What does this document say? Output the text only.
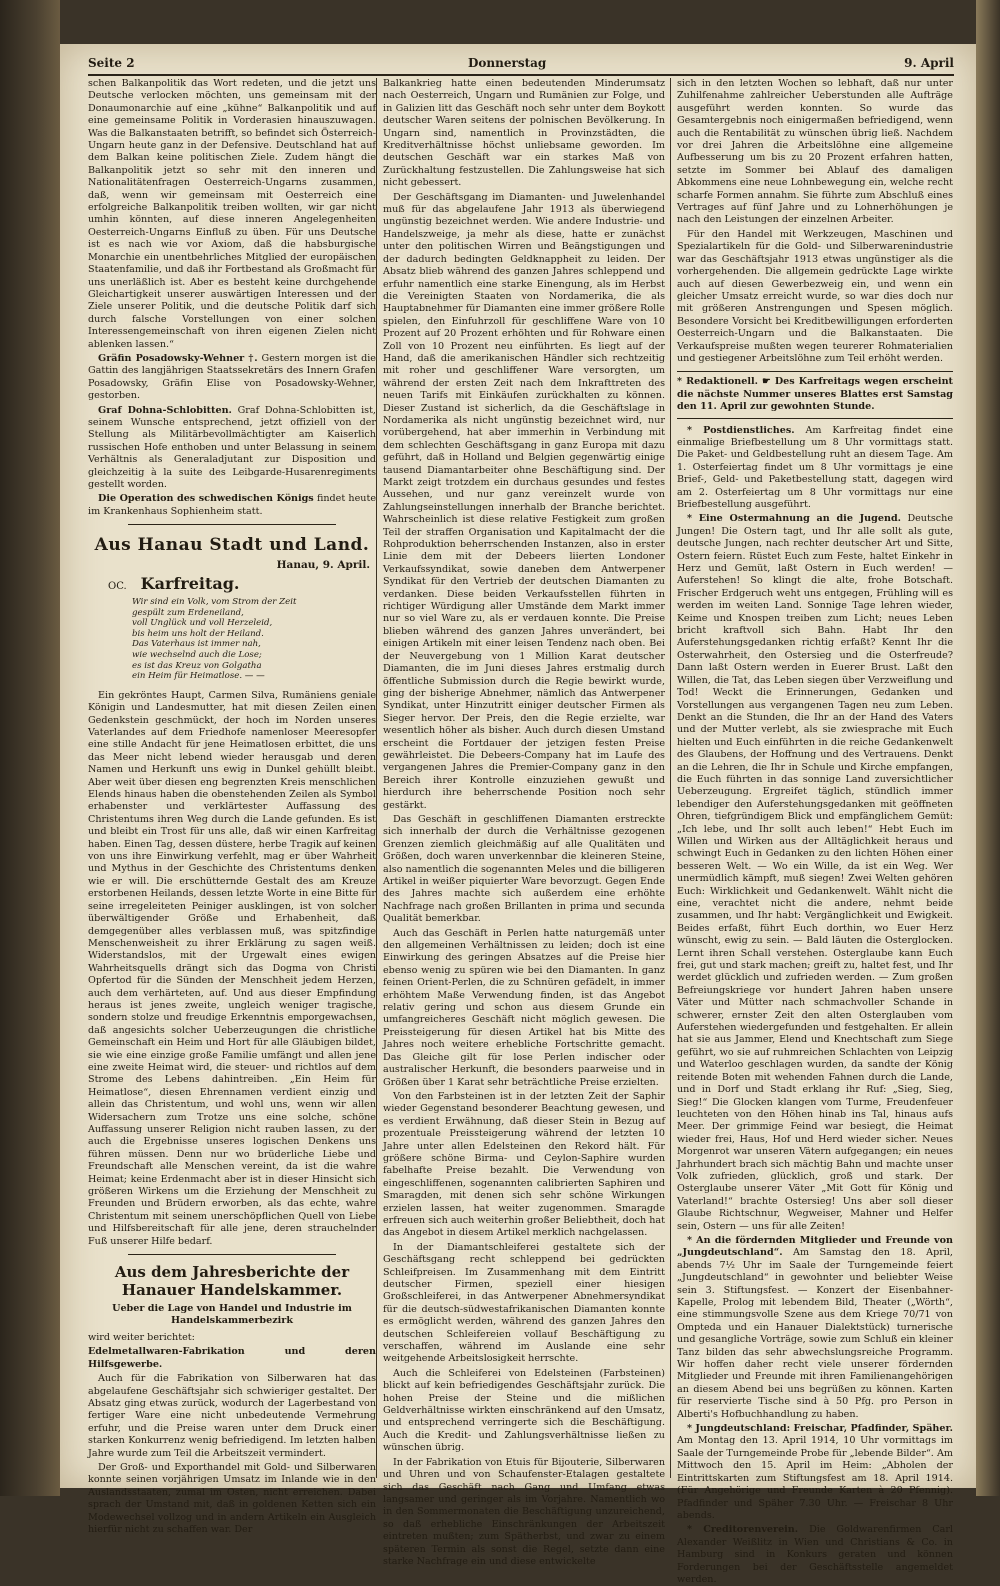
Seite 2	Donnerstag	9. April

schen Balkanpolitik das Wort redeten, und die jetzt uns Deutsche verlocken möchten, uns gemeinsam mit der Donaumonarchie auf eine „kühne“ Balkanpolitik und auf eine gemeinsame Politik in Vorderasien hinauszuwagen. Was die Balkanstaaten betrifft, so befindet sich Österreich-Ungarn heute ganz in der Defensive. Deutschland hat auf dem Balkan keine politischen Ziele. Zudem hängt die Balkanpolitik jetzt so sehr mit den inneren und Nationalitätenfragen Oesterreich-Ungarns zusammen, daß, wenn wir gemeinsam mit Oesterreich eine erfolgreiche Balkanpolitik treiben wollten, wir gar nicht umhin könnten, auf diese inneren Angelegenheiten Oesterreich-Ungarns Einfluß zu üben. Für uns Deutsche ist es nach wie vor Axiom, daß die habsburgische Monarchie ein unentbehrliches Mitglied der europäischen Staatenfamilie, und daß ihr Fortbestand als Großmacht für uns unerläßlich ist. Aber es besteht keine durchgehende Gleichartigkeit unserer auswärtigen Interessen und der Ziele unserer Politik, und die deutsche Politik darf sich durch falsche Vorstellungen von einer solchen Interessengemeinschaft von ihren eigenen Zielen nicht ablenken lassen.“

Gräfin Posadowsky-Wehner †. Gestern morgen ist die Gattin des langjährigen Staatssekretärs des Innern Grafen Posadowsky, Gräfin Elise von Posadowsky-Wehner, gestorben.

Graf Dohna-Schlobitten. Graf Dohna-Schlobitten ist, seinem Wunsche entsprechend, jetzt offiziell von der Stellung als Militärbevollmächtigter am Kaiserlich russischen Hofe enthoben und unter Belassung in seinem Verhältnis als Generaladjutant zur Disposition und gleichzeitig à la suite des Leibgarde-Husarenregiments gestellt worden.

Die Operation des schwedischen Königs findet heute im Krankenhaus Sophienheim statt.

Aus Hanau Stadt und Land.
Hanau, 9. April.
OC. Karfreitag.
Wir sind ein Volk, vom Strom der Zeit
gespült zum Erdeneiland,
voll Unglück und voll Herzeleid,
bis heim uns holt der Heiland.
Das Vaterhaus ist immer nah,
wie wechselnd auch die Lose;
es ist das Kreuz von Golgatha
ein Heim für Heimatlose. — —

Ein gekröntes Haupt, Carmen Silva, Rumäniens geniale Königin und Landesmutter, hat mit diesen Zeilen einen Gedenkstein geschmückt, der hoch im Norden unseres Vaterlandes auf dem Friedhofe namenloser Meeresopfer eine stille Andacht für jene Heimatlosen erbittet, die uns das Meer nicht lebend wieder herausgab und deren Namen und Herkunft uns ewig in Dunkel gehüllt bleibt. Aber weit über diesen eng begrenzten Kreis menschlichen Elends hinaus haben die obenstehenden Zeilen als Symbol erhabenster und verklärtester Auffassung des Christentums ihren Weg durch die Lande gefunden. Es ist und bleibt ein Trost für uns alle, daß wir einen Karfreitag haben. Einen Tag, dessen düstere, herbe Tragik auf keinen von uns ihre Einwirkung verfehlt, mag er über Wahrheit und Mythus in der Geschichte des Christentums denken wie er will. Die erschütternde Gestalt des am Kreuze erstorbenen Heilands, dessen letzte Worte in eine Bitte für seine irregeleiteten Peiniger ausklingen, ist von solcher überwältigender Größe und Erhabenheit, daß demgegenüber alles verblassen muß, was spitzfindige Menschenweisheit zu ihrer Erklärung zu sagen weiß. Widerstandslos, mit der Urgewalt eines ewigen Wahrheitsquells drängt sich das Dogma von Christi Opfertod für die Sünden der Menschheit jedem Herzen, auch dem verhärteten, auf. Und aus dieser Empfindung heraus ist jenes zweite, ungleich weniger tragische, sondern stolze und freudige Erkenntnis emporgewachsen, daß angesichts solcher Ueberzeugungen die christliche Gemeinschaft ein Heim und Hort für alle Gläubigen bildet, sie wie eine einzige große Familie umfängt und allen jene eine zweite Heimat wird, die steuer- und richtlos auf dem Strome des Lebens dahintreiben. „Ein Heim für Heimatlose“, diesen Ehrennamen verdient einzig und allein das Christentum, und wohl uns, wenn wir allen Widersachern zum Trotze uns eine solche, schöne Auffassung unserer Religion nicht rauben lassen, zu der auch die Ergebnisse unseres logischen Denkens uns führen müssen. Denn nur wo brüderliche Liebe und Freundschaft alle Menschen vereint, da ist die wahre Heimat; keine Erdenmacht aber ist in dieser Hinsicht sich größeren Wirkens um die Erziehung der Menschheit zu Freunden und Brüdern erworben, als das echte, wahre Christentum mit seinem unerschöpflichen Quell von Liebe und Hilfsbereitschaft für alle jene, deren strauchelnder Fuß unserer Hilfe bedarf.

Aus dem Jahresberichte der Hanauer Handelskammer.
Ueber die Lage von Handel und Industrie im Handelskammerbezirk

wird weiter berichtet:

Edelmetallwaren-Fabrikation und deren Hilfsgewerbe.

Auch für die Fabrikation von Silberwaren hat das abgelaufene Geschäftsjahr sich schwieriger gestaltet. Der Absatz ging etwas zurück, wodurch der Lagerbestand von fertiger Ware eine nicht unbedeutende Vermehrung erfuhr, und die Preise waren unter dem Druck einer starken Konkurrenz wenig befriedigend. Im letzten halben Jahre wurde zum Teil die Arbeitszeit vermindert.

Der Groß- und Exporthandel mit Gold- und Silberwaren konnte seinen vorjährigen Umsatz im Inlande wie in den Auslandsstaaten, zumal im Osten, nicht erreichen. Dabei sprach der Umstand mit, daß in goldenen Ketten sich ein Modewechsel vollzog und in andern Artikeln ein Ausgleich hierfür nicht zu schaffen war. Der

Balkankrieg hatte einen bedeutenden Minderumsatz nach Oesterreich, Ungarn und Rumänien zur Folge, und in Galizien litt das Geschäft noch sehr unter dem Boykott deutscher Waren seitens der polnischen Bevölkerung. In Ungarn sind, namentlich in Provinzstädten, die Kreditverhältnisse höchst unliebsame geworden. Im deutschen Geschäft war ein starkes Maß von Zurückhaltung festzustellen. Die Zahlungsweise hat sich nicht gebessert.

Der Geschäftsgang im Diamanten- und Juwelenhandel muß für das abgelaufene Jahr 1913 als überwiegend ungünstig bezeichnet werden. Wie andere Industrie- und Handelszweige, ja mehr als diese, hatte er zunächst unter den politischen Wirren und Beängstigungen und der dadurch bedingten Geldknappheit zu leiden. Der Absatz blieb während des ganzen Jahres schleppend und erfuhr namentlich eine starke Einengung, als im Herbst die Vereinigten Staaten von Nordamerika, die als Hauptabnehmer für Diamanten eine immer größere Rolle spielen, den Einfuhrzoll für geschliffene Ware von 10 Prozent auf 20 Prozent erhöhten und für Rohware einen Zoll von 10 Prozent neu einführten. Es liegt auf der Hand, daß die amerikanischen Händler sich rechtzeitig mit roher und geschliffener Ware versorgten, um während der ersten Zeit nach dem Inkrafttreten des neuen Tarifs mit Einkäufen zurückhalten zu können. Dieser Zustand ist sicherlich, da die Geschäftslage in Nordamerika als nicht ungünstig bezeichnet wird, nur vorübergehend, hat aber immerhin in Verbindung mit dem schlechten Geschäftsgang in ganz Europa mit dazu geführt, daß in Holland und Belgien gegenwärtig einige tausend Diamantarbeiter ohne Beschäftigung sind. Der Markt zeigt trotzdem ein durchaus gesundes und festes Aussehen, und nur ganz vereinzelt wurde von Zahlungseinstellungen innerhalb der Branche berichtet. Wahrscheinlich ist diese relative Festigkeit zum großen Teil der straffen Organisation und Kapitalmacht der die Rohproduktion beherrschenden Instanzen, also in erster Linie dem mit der Debeers liierten Londoner Verkaufssyndikat, sowie daneben dem Antwerpener Syndikat für den Vertrieb der deutschen Diamanten zu verdanken. Diese beiden Verkaufsstellen führten in richtiger Würdigung aller Umstände dem Markt immer nur so viel Ware zu, als er verdauen konnte. Die Preise blieben während des ganzen Jahres unverändert, bei einigen Artikeln mit einer leisen Tendenz nach oben. Bei der Neuvergebung von 1 Million Karat deutscher Diamanten, die im Juni dieses Jahres erstmalig durch öffentliche Submission durch die Regie bewirkt wurde, ging der bisherige Abnehmer, nämlich das Antwerpener Syndikat, unter Hinzutritt einiger deutscher Firmen als Sieger hervor. Der Preis, den die Regie erzielte, war wesentlich höher als bisher. Auch durch diesen Umstand erscheint die Fortdauer der jetzigen festen Preise gewährleistet. Die Debeers-Company hat im Laufe des vergangenen Jahres die Premier-Company ganz in den Bereich ihrer Kontrolle einzuziehen gewußt und hierdurch ihre beherrschende Position noch sehr gestärkt.

Das Geschäft in geschliffenen Diamanten erstreckte sich innerhalb der durch die Verhältnisse gezogenen Grenzen ziemlich gleichmäßig auf alle Qualitäten und Größen, doch waren unverkennbar die kleineren Steine, also namentlich die sogenannten Meles und die billigeren Artikel in weißer piquierter Ware bevorzugt. Gegen Ende des Jahres machte sich außerdem eine erhöhte Nachfrage nach großen Brillanten in prima und secunda Qualität bemerkbar.

Auch das Geschäft in Perlen hatte naturgemäß unter den allgemeinen Verhältnissen zu leiden; doch ist eine Einwirkung des geringen Absatzes auf die Preise hier ebenso wenig zu spüren wie bei den Diamanten. In ganz feinen Orient-Perlen, die zu Schnüren gefädelt, in immer erhöhtem Maße Verwendung finden, ist das Angebot relativ gering und schon aus diesem Grunde ein umfangreicheres Geschäft nicht möglich gewesen. Die Preissteigerung für diesen Artikel hat bis Mitte des Jahres noch weitere erhebliche Fortschritte gemacht. Das Gleiche gilt für lose Perlen indischer oder australischer Herkunft, die besonders paarweise und in Größen über 1 Karat sehr beträchtliche Preise erzielten.

Von den Farbsteinen ist in der letzten Zeit der Saphir wieder Gegenstand besonderer Beachtung gewesen, und es verdient Erwähnung, daß dieser Stein in Bezug auf prozentuale Preissteigerung während der letzten 10 Jahre unter allen Edelsteinen den Rekord hält. Für größere schöne Birma- und Ceylon-Saphire wurden fabelhafte Preise bezahlt. Die Verwendung von eingeschliffenen, sogenannten calibrierten Saphiren und Smaragden, mit denen sich sehr schöne Wirkungen erzielen lassen, hat weiter zugenommen. Smaragde erfreuen sich auch weiterhin großer Beliebtheit, doch hat das Angebot in diesem Artikel merklich nachgelassen.

In der Diamantschleiferei gestaltete sich der Geschäftsgang recht schleppend bei gedrückten Schleifpreisen. Im Zusammenhang mit dem Eintritt deutscher Firmen, speziell einer hiesigen Großschleiferei, in das Antwerpener Abnehmersyndikat für die deutsch-südwestafrikanischen Diamanten konnte es ermöglicht werden, während des ganzen Jahres den deutschen Schleifereien vollauf Beschäftigung zu verschaffen, während im Auslande eine sehr weitgehende Arbeitslosigkeit herrschte.

Auch die Schleiferei von Edelsteinen (Farbsteinen) blickt auf kein befriedigendes Geschäftsjahr zurück. Die hohen Preise der Steine und die mißlichen Geldverhältnisse wirkten einschränkend auf den Umsatz, und entsprechend verringerte sich die Beschäftigung. Auch die Kredit- und Zahlungsverhältnisse ließen zu wünschen übrig.

In der Fabrikation von Etuis für Bijouterie, Silberwaren und Uhren und von Schaufenster-Etalagen gestaltete sich das Geschäft nach Gang und Umfang etwas langsamer und geringer als im Vorjahre. Namentlich wo in den Sommermonaten die Beschäftigung unzureichend, so daß erhebliche Einschränkungen der Arbeitszeit eintreten mußten; zum Spätherbst, und zwar zu einem späteren Termin als sonst die Regel, setzte dann eine starke Nachfrage ein und diese entwickelte

sich in den letzten Wochen so lebhaft, daß nur unter Zuhilfenahme zahlreicher Ueberstunden alle Aufträge ausgeführt werden konnten. So wurde das Gesamtergebnis noch einigermaßen befriedigend, wenn auch die Rentabilität zu wünschen übrig ließ. Nachdem vor drei Jahren die Arbeitslöhne eine allgemeine Aufbesserung um bis zu 20 Prozent erfahren hatten, setzte im Sommer bei Ablauf des damaligen Abkommens eine neue Lohnbewegung ein, welche recht scharfe Formen annahm. Sie führte zum Abschluß eines Vertrages auf fünf Jahre und zu Lohnerhöhungen je nach den Leistungen der einzelnen Arbeiter.

Für den Handel mit Werkzeugen, Maschinen und Spezialartikeln für die Gold- und Silberwarenindustrie war das Geschäftsjahr 1913 etwas ungünstiger als die vorhergehenden. Die allgemein gedrückte Lage wirkte auch auf diesen Gewerbezweig ein, und wenn ein gleicher Umsatz erreicht wurde, so war dies doch nur mit größeren Anstrengungen und Spesen möglich. Besondere Vorsicht bei Kreditbewilligungen erforderten Oesterreich-Ungarn und die Balkanstaaten. Die Verkaufspreise mußten wegen teurerer Rohmaterialien und gestiegener Arbeitslöhne zum Teil erhöht werden.

* Redaktionell. ☛ Des Karfreitags wegen erscheint die nächste Nummer unseres Blattes erst Samstag den 11. April zur gewohnten Stunde.

* Postdienstliches. Am Karfreitag findet eine einmalige Briefbestellung um 8 Uhr vormittags statt. Die Paket- und Geldbestellung ruht an diesem Tage. Am 1. Osterfeiertag findet um 8 Uhr vormittags je eine Brief-, Geld- und Paketbestellung statt, dagegen wird am 2. Osterfeiertag um 8 Uhr vormittags nur eine Briefbestellung ausgeführt.

* Eine Ostermahnung an die Jugend. Deutsche Jungen! Die Ostern tagt, und Ihr alle sollt als gute, deutsche Jungen, nach rechter deutscher Art und Sitte, Ostern feiern. Rüstet Euch zum Feste, haltet Einkehr in Herz und Gemüt, laßt Ostern in Euch werden! — Auferstehen! So klingt die alte, frohe Botschaft. Frischer Erdgeruch weht uns entgegen, Frühling will es werden im weiten Land. Sonnige Tage lehren wieder, Keime und Knospen treiben zum Licht; neues Leben bricht kraftvoll sich Bahn. Habt Ihr den Auferstehungsgedanken richtig erfaßt? Kennt Ihr die Osterwahrheit, den Ostersieg und die Osterfreude? Dann laßt Ostern werden in Euerer Brust. Laßt den Willen, die Tat, das Leben siegen über Verzweiflung und Tod! Weckt die Erinnerungen, Gedanken und Vorstellungen aus vergangenen Tagen neu zum Leben. Denkt an die Stunden, die Ihr an der Hand des Vaters und der Mutter verlebt, als sie zwiesprache mit Euch hielten und Euch einführten in die reiche Gedankenwelt des Glaubens, der Hoffnung und des Vertrauens. Denkt an die Lehren, die Ihr in Schule und Kirche empfangen, die Euch führten in das sonnige Land zuversichtlicher Ueberzeugung. Ergreifet täglich, stündlich immer lebendiger den Auferstehungsgedanken mit geöffneten Ohren, tiefgründigem Blick und empfänglichem Gemüt: „Ich lebe, und Ihr sollt auch leben!“ Hebt Euch im Willen und Wirken aus der Alltäglichkeit heraus und schwingt Euch in Gedanken zu den lichten Höhen einer besseren Welt. — Wo ein Wille, da ist ein Weg. Wer unermüdlich kämpft, muß siegen! Zwei Welten gehören Euch: Wirklichkeit und Gedankenwelt. Wählt nicht die eine, verachtet nicht die andere, nehmt beide zusammen, und Ihr habt: Vergänglichkeit und Ewigkeit. Beides erfaßt, führt Euch dorthin, wo Euer Herz wünscht, ewig zu sein. — Bald läuten die Osterglocken. Lernt ihren Schall verstehen. Osterglaube kann Euch frei, gut und stark machen; greift zu, haltet fest, und Ihr werdet glücklich und zufrieden werden. — Zum großen Befreiungskriege vor hundert Jahren haben unsere Väter und Mütter nach schmachvoller Schande in schwerer, ernster Zeit den alten Osterglauben vom Auferstehen wiedergefunden und festgehalten. Er allein hat sie aus Jammer, Elend und Knechtschaft zum Siege geführt, wo sie auf ruhmreichen Schlachten von Leipzig und Waterloo geschlagen wurden, da sandte der König reitende Boten mit wehenden Fahnen durch die Lande, und in Dorf und Stadt erklang ihr Ruf: „Sieg, Sieg, Sieg!“ Die Glocken klangen vom Turme, Freudenfeuer leuchteten von den Höhen hinab ins Tal, hinaus aufs Meer. Der grimmige Feind war besiegt, die Heimat wieder frei, Haus, Hof und Herd wieder sicher. Neues Morgenrot war unseren Vätern aufgegangen; ein neues Jahrhundert brach sich mächtig Bahn und machte unser Volk zufrieden, glücklich, groß und stark. Der Osterglaube unserer Väter „Mit Gott für König und Vaterland!“ brachte Ostersieg! Uns aber soll dieser Glaube Richtschnur, Wegweiser, Mahner und Helfer sein, Ostern — uns für alle Zeiten!

* An die fördernden Mitglieder und Freunde von „Jungdeutschland“. Am Samstag den 18. April, abends 7½ Uhr im Saale der Turngemeinde feiert „Jungdeutschland“ in gewohnter und beliebter Weise sein 3. Stiftungsfest. — Konzert der Eisenbahner-Kapelle, Prolog mit lebendem Bild, Theater („Wörth“, eine stimmungsvolle Szene aus dem Kriege 70/71 von Ompteda und ein Hanauer Dialektstück) turnerische und gesangliche Vorträge, sowie zum Schluß ein kleiner Tanz bilden das sehr abwechslungsreiche Programm. Wir hoffen daher recht viele unserer fördernden Mitglieder und Freunde mit ihren Familienangehörigen an diesem Abend bei uns begrüßen zu können. Karten für reservierte Tische sind à 50 Pfg. pro Person in Alberti's Hofbuchhandlung zu haben.

* Jungdeutschland: Freischar, Pfadfinder, Späher. Am Montag den 13. April 1914, 10 Uhr vormittags im Saale der Turngemeinde Probe für „lebende Bilder“. Am Mittwoch den 15. April im Heim: „Abholen der Eintrittskarten zum Stiftungsfest am 18. April 1914. (Für Angehörige und Freunde Karten à 20 Pfennig). Pfadfinder und Späher 7.30 Uhr. — Freischar 8 Uhr abends.

* Creditorenverein. Die Goldwarenfirmen Carl Alexander Weißlitz in Wien und Christians & Co. in Hamburg sind in Konkurs geraten und können Forderungen bei der Geschäftsstelle angemeldet werden.
